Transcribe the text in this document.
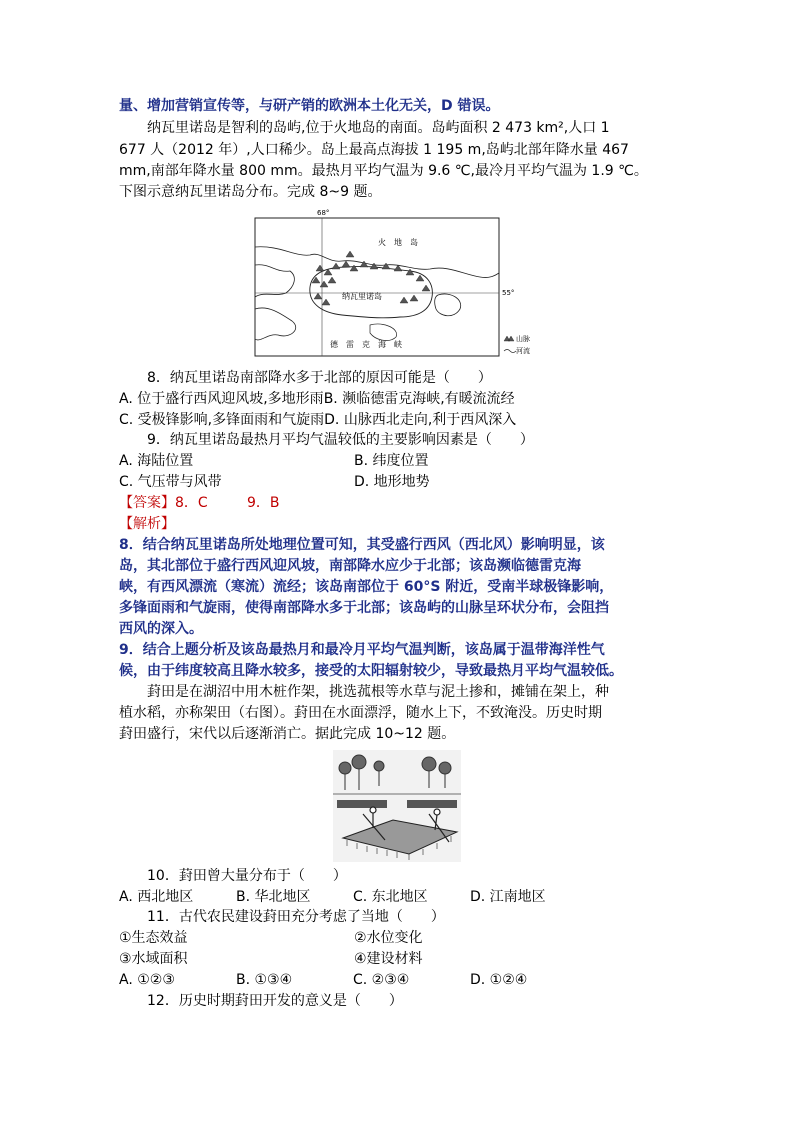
量、增加营销宣传等，与研产销的欧洲本土化无关，D 错误。
纳瓦里诺岛是智利的岛屿,位于火地岛的南面。岛屿面积 2 473 km²,人口 1
677 人（2012 年）,人口稀少。岛上最高点海拔 1 195 m,岛屿北部年降水量 467
mm,南部年降水量 800 mm。最热月平均气温为 9.6 ℃,最冷月平均气温为 1.9 ℃。
下图示意纳瓦里诺岛分布。完成 8~9 题。
68°
55°
火　地　岛
纳瓦里诺岛
德　雷　克　海　峡
山脉
河流
8．纳瓦里诺岛南部降水多于北部的原因可能是（　　）
A. 位于盛行西风迎风坡,多地形雨B. 濒临德雷克海峡,有暖流流经
C. 受极锋影响,多锋面雨和气旋雨D. 山脉西北走向,利于西风深入
9．纳瓦里诺岛最热月平均气温较低的主要影响因素是（　　）
A. 海陆位置	B. 纬度位置
C. 气压带与风带	D. 地形地势
【答案】8．C	9．B
【解析】
8．结合纳瓦里诺岛所处地理位置可知，其受盛行西风（西北风）影响明显，该
岛，其北部位于盛行西风迎风坡，南部降水应少于北部；该岛濒临德雷克海
峡，有西风漂流（寒流）流经；该岛南部位于 60°S 附近，受南半球极锋影响，
多锋面雨和气旋雨，使得南部降水多于北部；该岛屿的山脉呈环状分布，会阻挡
西风的深入。
9．结合上题分析及该岛最热月和最冷月平均气温判断，该岛属于温带海洋性气
候，由于纬度较高且降水较多，接受的太阳辐射较少，导致最热月平均气温较低。
葑田是在湖沼中用木桩作架，挑选菰根等水草与泥土掺和，摊铺在架上，种
植水稻，亦称架田（右图）。葑田在水面漂浮，随水上下，不致淹没。历史时期
葑田盛行，宋代以后逐渐消亡。据此完成 10~12 题。
10．葑田曾大量分布于（　　）
A. 西北地区	B. 华北地区	C. 东北地区	D. 江南地区
11．古代农民建设葑田充分考虑了当地（　　）
①生态效益	②水位变化
③水域面积	④建设材料
A. ①②③	B. ①③④	C. ②③④	D. ①②④
12．历史时期葑田开发的意义是（　　）
